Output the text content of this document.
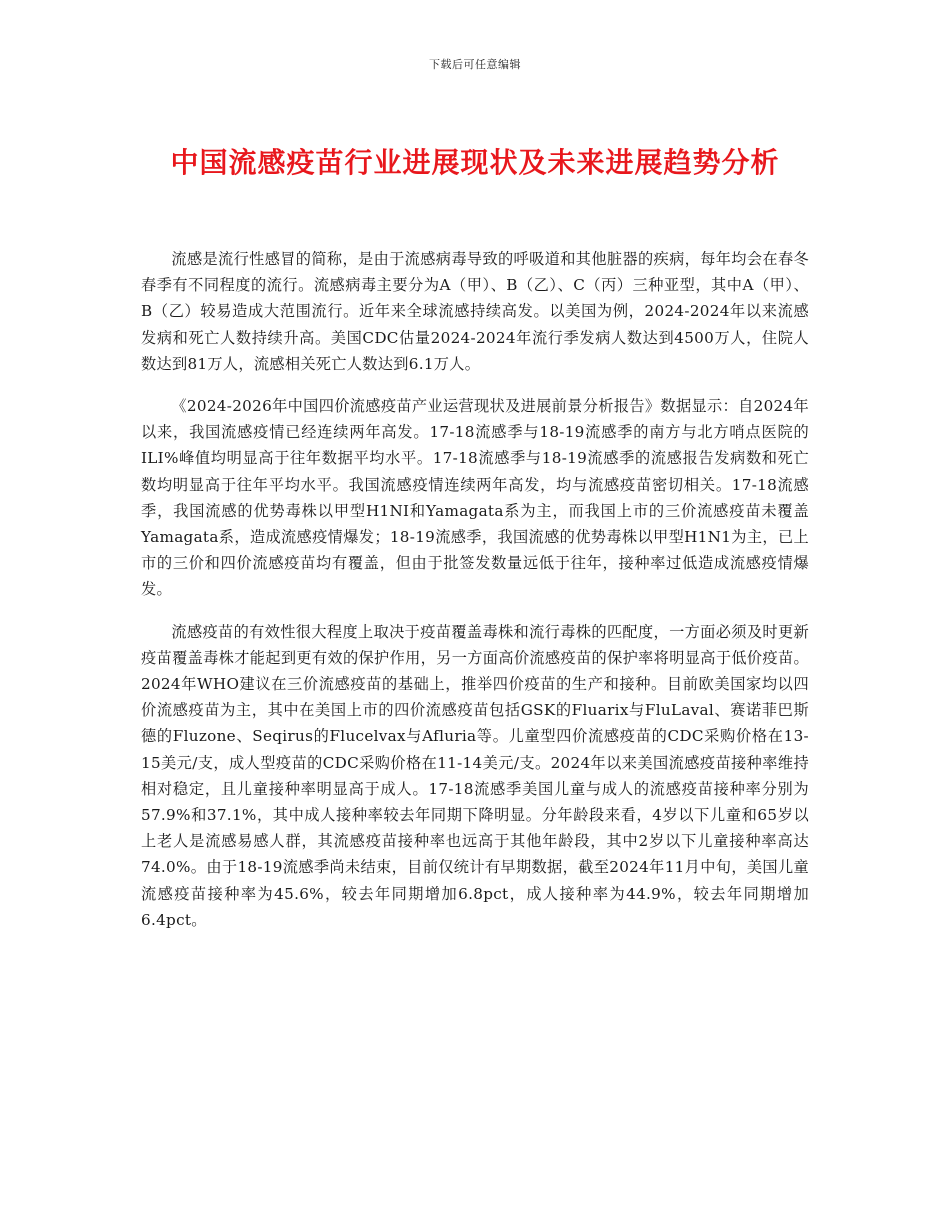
下载后可任意编辑
中国流感疫苗行业进展现状及未来进展趋势分析

流感是流行性感冒的简称，是由于流感病毒导致的呼吸道和其他脏器的疾病，每年均会在春冬春季有不同程度的流行。流感病毒主要分为A（甲）、B（乙）、C（丙）三种亚型，其中A（甲）、B（乙）较易造成大范围流行。近年来全球流感持续高发。以美国为例，2024-2024年以来流感发病和死亡人数持续升高。美国CDC估量2024-2024年流行季发病人数达到4500万人，住院人数达到81万人，流感相关死亡人数达到6.1万人。

《2024-2026年中国四价流感疫苗产业运营现状及进展前景分析报告》数据显示：自2024年以来，我国流感疫情已经连续两年高发。17-18流感季与18-19流感季的南方与北方哨点医院的ILI%峰值均明显高于往年数据平均水平。17-18流感季与18-19流感季的流感报告发病数和死亡数均明显高于往年平均水平。我国流感疫情连续两年高发，均与流感疫苗密切相关。17-18流感季，我国流感的优势毒株以甲型H1NI和Yamagata系为主，而我国上市的三价流感疫苗未覆盖Yamagata系，造成流感疫情爆发；18-19流感季，我国流感的优势毒株以甲型H1N1为主，已上市的三价和四价流感疫苗均有覆盖，但由于批签发数量远低于往年，接种率过低造成流感疫情爆发。

流感疫苗的有效性很大程度上取决于疫苗覆盖毒株和流行毒株的匹配度，一方面必须及时更新疫苗覆盖毒株才能起到更有效的保护作用，另一方面高价流感疫苗的保护率将明显高于低价疫苗。2024年WHO建议在三价流感疫苗的基础上，推举四价疫苗的生产和接种。目前欧美国家均以四价流感疫苗为主，其中在美国上市的四价流感疫苗包括GSK的Fluarix与FluLaval、赛诺菲巴斯德的Fluzone、Seqirus的Flucelvax与Afluria等。儿童型四价流感疫苗的CDC采购价格在13-15美元/支，成人型疫苗的CDC采购价格在11-14美元/支。2024年以来美国流感疫苗接种率维持相对稳定，且儿童接种率明显高于成人。17-18流感季美国儿童与成人的流感疫苗接种率分别为57.9%和37.1%，其中成人接种率较去年同期下降明显。分年龄段来看，4岁以下儿童和65岁以上老人是流感易感人群，其流感疫苗接种率也远高于其他年龄段，其中2岁以下儿童接种率高达74.0%。由于18-19流感季尚未结束，目前仅统计有早期数据，截至2024年11月中旬，美国儿童流感疫苗接种率为45.6%，较去年同期增加6.8pct，成人接种率为44.9%，较去年同期增加6.4pct。
